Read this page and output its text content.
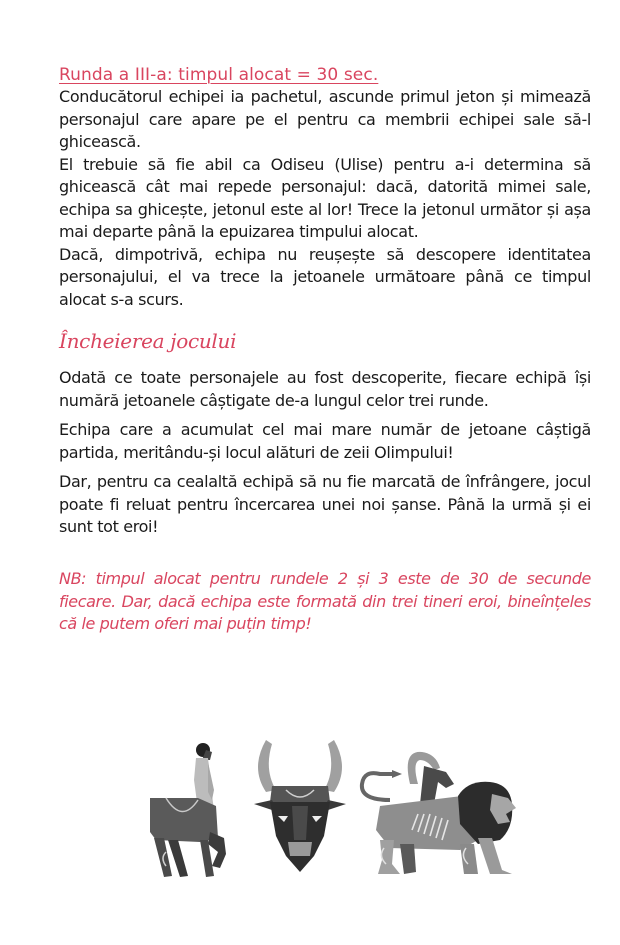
Runda a III-a: timpul alocat = 30 sec.

Conducătorul echipei ia pachetul, ascunde primul jeton și mimează personajul care apare pe el pentru ca membrii echipei sale să-l ghicească.

El trebuie să fie abil ca Odiseu (Ulise) pentru a-i determina să ghicească cât mai repede personajul: dacă, datorită mimei sale, echipa sa ghicește, jetonul este al lor! Trece la jetonul următor și așa mai departe până la epuizarea timpului alocat.

Dacă, dimpotrivă, echipa nu reușește să descopere identitatea personajului, el va trece la jetoanele următoare până ce timpul alocat s-a scurs.

Încheierea jocului

Odată ce toate personajele au fost descoperite, fiecare echipă își numără jetoanele câștigate de-a lungul celor trei runde.

Echipa care a acumulat cel mai mare număr de jetoane câștigă partida, meritându-și locul alături de zeii Olimpului!

Dar, pentru ca cealaltă echipă să nu fie marcată de înfrângere, jocul poate fi reluat pentru încercarea unei noi șanse. Până la urmă și ei sunt tot eroi!

NB: timpul alocat pentru rundele 2 și 3 este de 30 de secunde fiecare. Dar, dacă echipa este formată din trei tineri eroi, bineînțeles că le putem oferi mai puțin timp!
